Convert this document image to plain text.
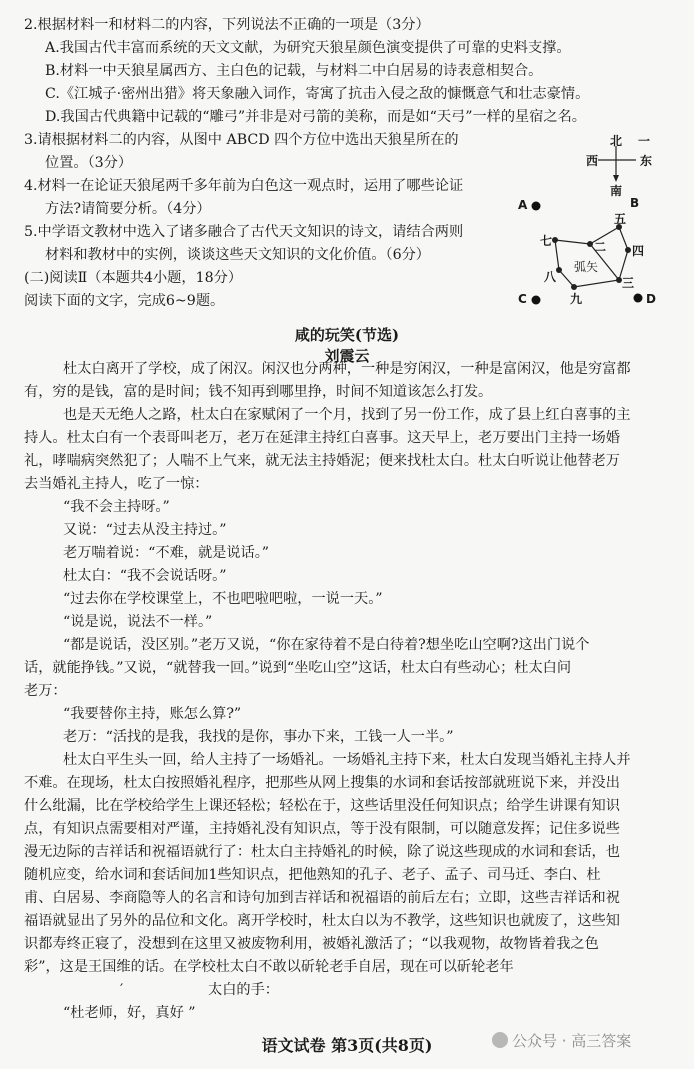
2.根据材料一和材料二的内容，下列说法不正确的一项是（3分）
A.我国古代丰富而系统的天文文献，为研究天狼星颜色演变提供了可靠的史料支撑。
B.材料一中天狼星属西方、主白色的记载，与材料二中白居易的诗表意相契合。
C.《江城子·密州出猎》将天象融入词作，寄寓了抗击入侵之敌的慷慨意气和壮志豪情。
D.我国古代典籍中记载的“雕弓”并非是对弓箭的美称，而是如“天弓”一样的星宿之名。
3.请根据材料二的内容，从图中 ABCD 四个方位中选出天狼星所在的
位置。（3分）
4.材料一在论证天狼尾两千多年前为白色这一观点时，运用了哪些论证
方法?请简要分析。（4分）
5.中学语文教材中选入了诸多融合了古代天文知识的诗文，请结合两则
材料和教材中的实例，谈谈这些天文知识的文化价值。（6分）
(二)阅读Ⅱ（本题共4小题，18分）
阅读下面的文字，完成6~9题。
杜太白离开了学校，成了闲汉。闲汉也分两种，一种是穷闲汉，一种是富闲汉，他是穷富都
有，穷的是钱，富的是时间；钱不知再到哪里挣，时间不知道该怎么打发。
也是天无绝人之路，杜太白在家赋闲了一个月，找到了另一份工作，成了县上红白喜事的主
持人。杜太白有一个表哥叫老万，老万在延津主持红白喜事。这天早上，老万要出门主持一场婚
礼，哮喘病突然犯了；人喘不上气来，就无法主持婚泥；便来找杜太白。杜太白听说让他替老万
去当婚礼主持人，吃了一惊：
“我不会主持呀。”
又说：“过去从没主持过。”
老万喘着说：“不难，就是说话。”
杜太白：“我不会说话呀。”
“过去你在学校课堂上，不也吧啦吧啦，一说一天。”
“说是说，说法不一样。”
“都是说话，没区别。”老万又说，“你在家待着不是白待着?想坐吃山空啊?这出门说个
话，就能挣钱。”又说，“就替我一回。”说到“坐吃山空”这话，杜太白有些动心；杜太白问
老万：
“我要替你主持，账怎么算?”
老万：“活找的是我，我找的是你，事办下来，工钱一人一半。”
杜太白平生头一回，给人主持了一场婚礼。一场婚礼主持下来，杜太白发现当婚礼主持人并
不难。在现场，杜太白按照婚礼程序，把那些从网上搜集的水词和套话按部就班说下来，并没出
什么纰漏，比在学校给学生上课还轻松；轻松在于，这些话里没任何知识点；给学生讲课有知识
点，有知识点需要相对严谨，主持婚礼没有知识点，等于没有限制，可以随意发挥；记住多说些
漫无边际的吉祥话和祝福语就行了：杜太白主持婚礼的时候，除了说这些现成的水词和套话，也
随机应变，给水词和套话间加1些知识点，把他熟知的孔子、老子、孟子、司马迁、李白、杜
甫、白居易、李商隐等人的名言和诗句加到吉祥话和祝福语的前后左右；立即，这些吉祥话和祝
福语就显出了另外的品位和文化。离开学校时，杜太白以为不教学，这些知识也就废了，这些知
识都寿终正寝了，没想到在这里又被废物利用，被婚礼激活了；“以我观物，故物皆着我之色
彩”，这是王国维的话。在学校杜太白不敢以斫轮老手自居，现在可以斫轮老年
′	太白的手：
“杜老师，好，真好 ”
咸的玩笑(节选)
刘震云
北
西	东
南
A	B
C	D
七	二
五
四
三
九
八
弧矢
一
语文试卷 第3页(共8页)	公众号 · 高三答案
